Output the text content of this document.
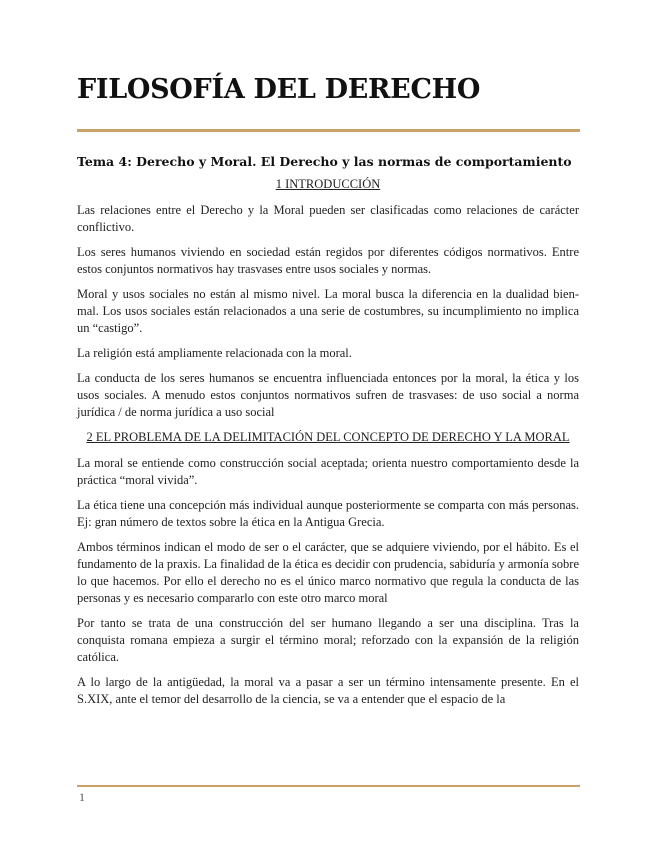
FILOSOFÍA DEL DERECHO
Tema 4: Derecho y Moral. El Derecho y las normas de comportamiento
1 INTRODUCCIÓN

Las relaciones entre el Derecho y la Moral pueden ser clasificadas como relaciones de carácter conflictivo.

Los seres humanos viviendo en sociedad están regidos por diferentes códigos normativos. Entre estos conjuntos normativos hay trasvases entre usos sociales y normas.

Moral y usos sociales no están al mismo nivel. La moral busca la diferencia en la dualidad bien-mal. Los usos sociales están relacionados a una serie de costumbres, su incumplimiento no implica un “castigo”.

La religión está ampliamente relacionada con la moral.

La conducta de los seres humanos se encuentra influenciada entonces por la moral, la ética y los usos sociales. A menudo estos conjuntos normativos sufren de trasvases: de uso social a norma jurídica / de norma jurídica a uso social

2 EL PROBLEMA DE LA DELIMITACIÓN DEL CONCEPTO DE DERECHO Y LA MORAL

La moral se entiende como construcción social aceptada; orienta nuestro comportamiento desde la práctica “moral vivida”.

La ética tiene una concepción más individual aunque posteriormente se comparta con más personas. Ej: gran número de textos sobre la ética en la Antigua Grecia.

Ambos términos indican el modo de ser o el carácter, que se adquiere viviendo, por el hábito. Es el fundamento de la praxis. La finalidad de la ética es decidir con prudencia, sabiduría y armonía sobre lo que hacemos. Por ello el derecho no es el único marco normativo que regula la conducta de las personas y es necesario compararlo con este otro marco moral

Por tanto se trata de una construcción del ser humano llegando a ser una disciplina. Tras la conquista romana empieza a surgir el término moral; reforzado con la expansión de la religión católica.

A lo largo de la antigüedad, la moral va a pasar a ser un término intensamente presente. En el S.XIX, ante el temor del desarrollo de la ciencia, se va a entender que el espacio de la

1
